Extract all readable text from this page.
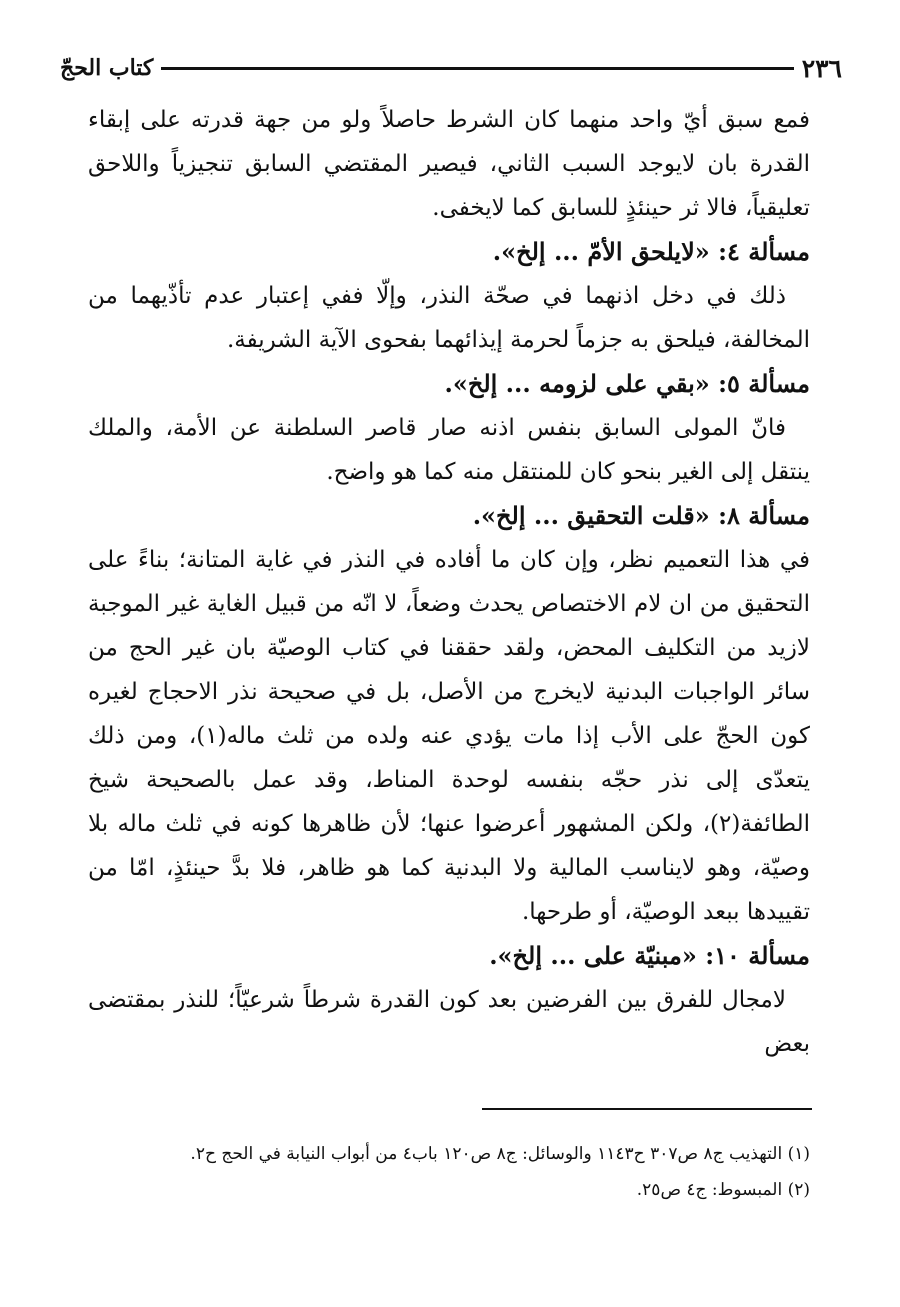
٢٣٦
كتاب الحجّ

فمع سبق أيّ واحد منهما كان الشرط حاصلاً ولو من جهة قدرته على إبقاء القدرة بان لايوجد السبب الثاني، فيصير المقتضي السابق تنجيزياً واللاحق تعليقياً، فالا ثر حينئذٍ للسابق كما لايخفى.

مسألة ٤: «لايلحق الأمّ ... إلخ».

ذلك في دخل اذنهما في صحّة النذر، وإلّا ففي إعتبار عدم تأذّيهما من المخالفة، فيلحق به جزماً لحرمة إيذائهما بفحوى الآية الشريفة.

مسألة ٥: «بقي على لزومه ... إلخ».

فانّ المولى السابق بنفس اذنه صار قاصر السلطنة عن الأمة، والملك ينتقل إلى الغير بنحو كان للمنتقل منه كما هو واضح.

مسألة ٨: «قلت التحقيق ... إلخ».

في هذا التعميم نظر، وإن كان ما أفاده في النذر في غاية المتانة؛ بناءً على التحقيق من ان لام الاختصاص يحدث وضعاً، لا انّه من قبيل الغاية غير الموجبة لازيد من التكليف المحض، ولقد حققنا في كتاب الوصيّة بان غير الحج من سائر الواجبات البدنية لايخرج من الأصل، بل في صحيحة نذر الاحجاج لغيره كون الحجّ على الأب إذا مات يؤدي عنه ولده من ثلث ماله(١)، ومن ذلك يتعدّى إلى نذر حجّه بنفسه لوحدة المناط، وقد عمل بالصحيحة شيخ الطائفة(٢)، ولكن المشهور أعرضوا عنها؛ لأن ظاهرها كونه في ثلث ماله بلا وصيّة، وهو لايناسب المالية ولا البدنية كما هو ظاهر، فلا بدَّ حينئذٍ، امّا من تقييدها ببعد الوصيّة، أو طرحها.

مسألة ١٠: «مبنيّة على ... إلخ».

لامجال للفرق بين الفرضين بعد كون القدرة شرطاً شرعيّاً؛ للنذر بمقتضى بعض

(١) التهذيب ج٨ ص٣٠٧ ح١١٤٣ والوسائل: ج٨ ص١٢٠ باب٤ من أبواب النيابة في الحج ح٢.

(٢) المبسوط: ج٤ ص٢٥.
